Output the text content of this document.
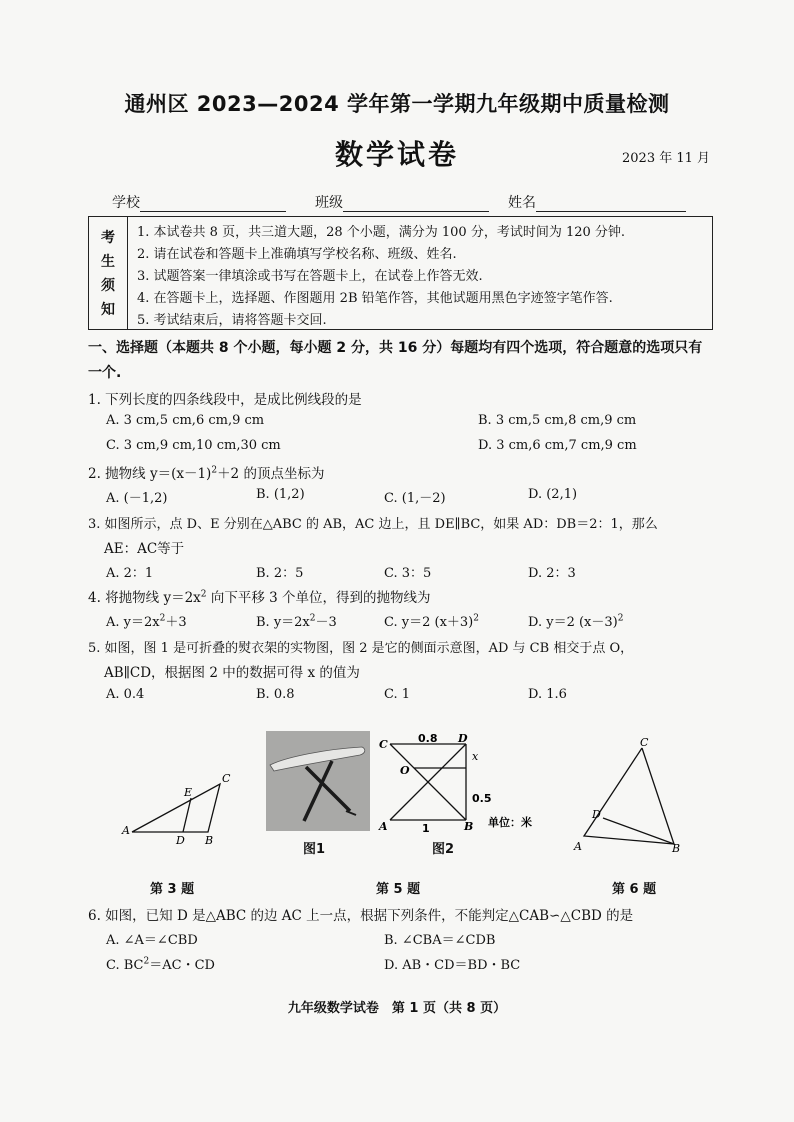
通州区 2023—2024 学年第一学期九年级期中质量检测
数学试卷	2023 年 11 月
学校	班级	姓名
考
生
须
知
1. 本试卷共 8 页，共三道大题，28 个小题，满分为 100 分，考试时间为 120 分钟.
2. 请在试卷和答题卡上准确填写学校名称、班级、姓名.
3. 试题答案一律填涂或书写在答题卡上，在试卷上作答无效.
4. 在答题卡上，选择题、作图题用 2B 铅笔作答，其他试题用黑色字迹签字笔作答.
5. 考试结束后，请将答题卡交回.
一、选择题（本题共 8 个小题，每小题 2 分，共 16 分）每题均有四个选项，符合题意的选项只有
一个.
1. 下列长度的四条线段中，是成比例线段的是
A. 3 cm,5 cm,6 cm,9 cm	B. 3 cm,5 cm,8 cm,9 cm
C. 3 cm,9 cm,10 cm,30 cm	D. 3 cm,6 cm,7 cm,9 cm
2. 抛物线 $y=(x-1)^2+2$ 的顶点坐标为
A. (－1,2)	B. (1,2)	C. (1,－2)	D. (2,1)
3. 如图所示，点 D、E 分别在△ABC 的 AB，AC 边上，且 DE∥BC，如果 AD：DB＝2：1，那么
AE：AC等于
A. 2：1	B. 2：5	C. 3：5	D. 2：3
4. 将抛物线 $y=2x^2$ 向下平移 3 个单位，得到的抛物线为
A. $y=2x^2+3$	B. $y=2x^2-3$	C. y＝2 $(x+3)^2$	D. y＝2 $(x-3)^2$
5. 如图，图 1 是可折叠的熨衣架的实物图，图 2 是它的侧面示意图，AD 与 CB 相交于点 O，
AB∥CD，根据图 2 中的数据可得 x 的值为
A. 0.4	B. 0.8	C. 1	D. 1.6
A
B
C
D
E
图1
C	D
O
A	B
x
0.8
1
0.5
单位：米
图2
C
A	B
D
第 3 题	第 5 题	第 6 题
6. 如图，已知 D 是△ABC 的边 AC 上一点，根据下列条件，不能判定△CAB∽△CBD 的是
A. ∠A＝∠CBD	B. ∠CBA＝∠CDB
C. $BC^2=AC$・CD	D. AB・CD＝BD・BC
九年级数学试卷　第 1 页（共 8 页）
